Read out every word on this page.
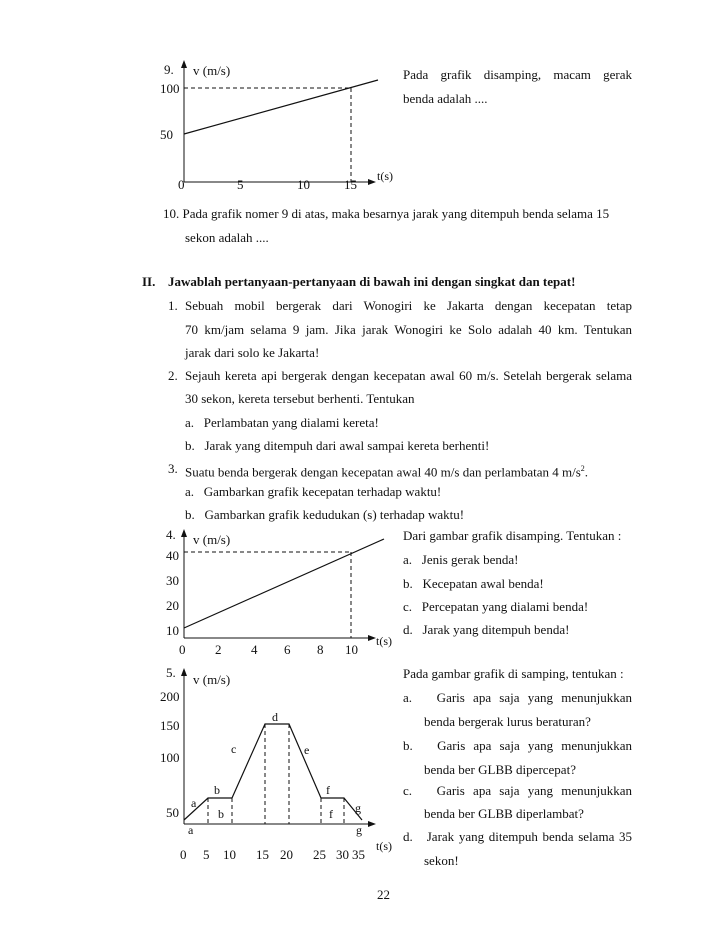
9. v (m/s)
t(s)
100
50
0	5	10	15
Pada grafik disamping, macam gerak
benda adalah ....
10. Pada grafik nomer 9 di atas, maka besarnya jarak yang ditempuh benda selama 15
sekon adalah ....
II. Jawablah pertanyaan-pertanyaan di bawah ini dengan singkat dan tepat!
1. Sebuah mobil bergerak dari Wonogiri ke Jakarta dengan kecepatan tetap
70 km/jam selama 9 jam. Jika jarak Wonogiri ke Solo adalah 40 km. Tentukan
jarak dari solo ke Jakarta!
2. Sejauh kereta api bergerak dengan kecepatan awal 60 m/s. Setelah bergerak selama
30 sekon, kereta tersebut berhenti. Tentukan
a.   Perlambatan yang dialami kereta!
b.   Jarak yang ditempuh dari awal sampai kereta berhenti!
3. Suatu benda bergerak dengan kecepatan awal 40 m/s dan perlambatan 4 $m/s^2$.
a.   Gambarkan grafik kecepatan terhadap waktu!
b.   Gambarkan grafik kedudukan (s) terhadap waktu!
4. v (m/s)
t(s)
40
30
20
10
0 2 4 6 8 10
Dari gambar grafik disamping. Tentukan :
a.   Jenis gerak benda!
b.   Kecepatan awal benda!
c.   Percepatan yang dialami benda!
d.   Jarak yang ditempuh benda!
5. v (m/s)
t(s)
200
150
100
50
0 5 10 15 20 25 30 35
a
a
b
b
c
d
e
f
f g
g
Pada gambar grafik di samping, tentukan :
a.   Garis apa saja yang menunjukkan
benda bergerak lurus beraturan?
b.   Garis apa saja yang menunjukkan
benda ber GLBB dipercepat?
c.   Garis apa saja yang menunjukkan
benda ber GLBB diperlambat?
d.   Jarak yang ditempuh benda selama 35
sekon!
22
